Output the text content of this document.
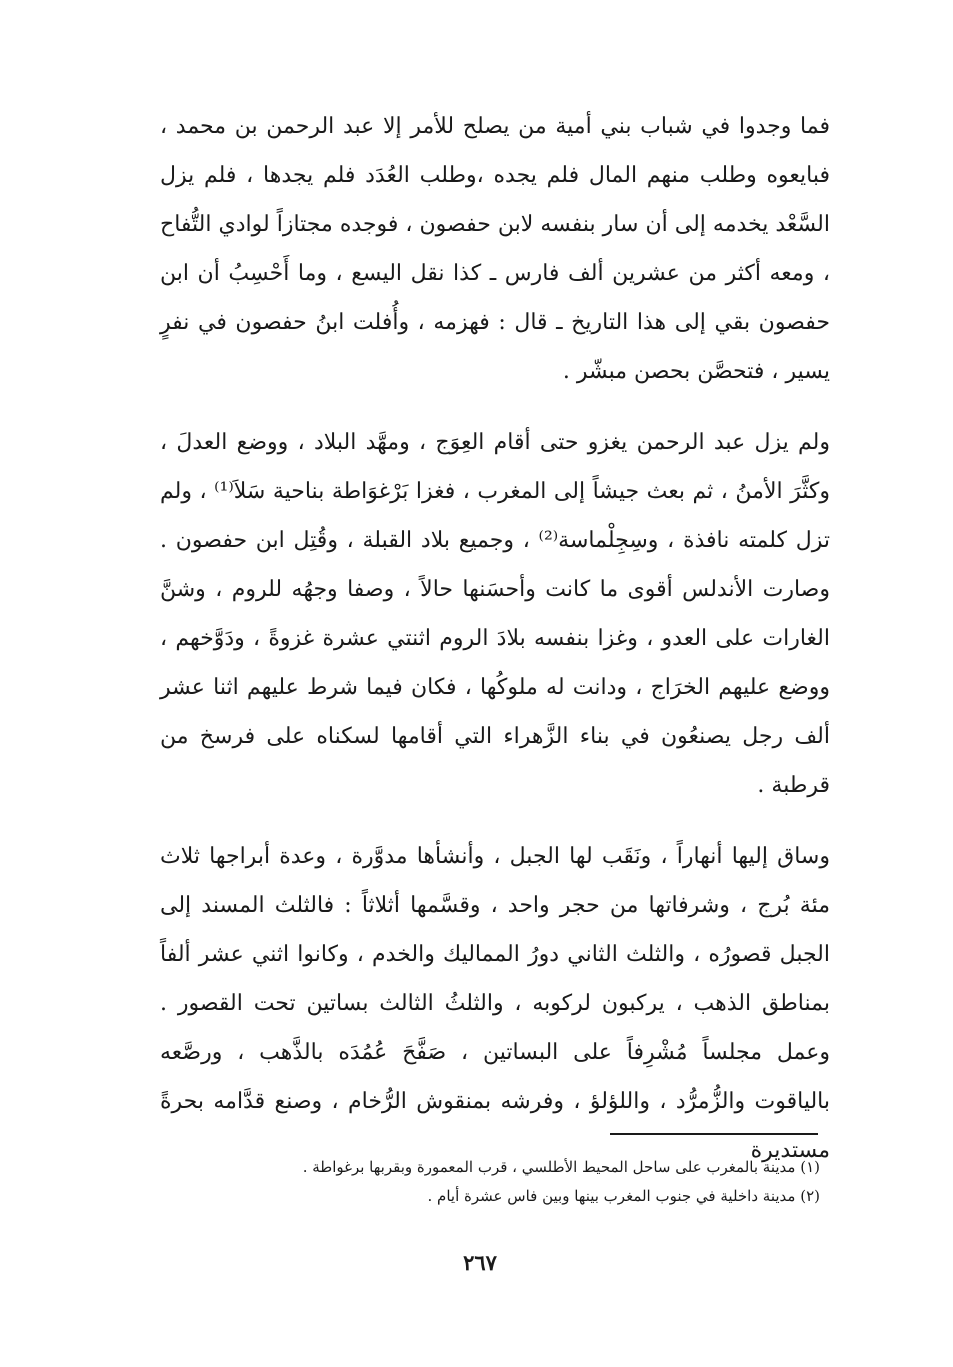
فما وجدوا في شباب بني أمية من يصلح للأمر إلا عبد الرحمن بن محمد ، فبايعوه وطلب منهم المال فلم يجده ،وطلب العُدَد فلم يجدها ، فلم يزل السَّعْد يخدمه إلى أن سار بنفسه لابن حفصون ، فوجده مجتازاً لوادي التُّفاح ، ومعه أكثر من عشرين ألف فارس ـ كذا نقل اليسع ، وما أَحْسِبُ أن ابن حفصون بقي إلى هذا التاريخ ـ قال : فهزمه ، وأُفلت ابنُ حفصون في نفرٍ يسير ، فتحصَّن بحصن مبشّر .

ولم يزل عبد الرحمن يغزو حتى أقام العِوَج ، ومهَّد البلاد ، ووضع العدلَ ، وكثَّرَ الأمنُ ، ثم بعث جيشاً إلى المغرب ، فغزا بَرْغوَاطة بناحية سَلاَ⁽¹⁾ ، ولم تزل كلمته نافذة ، وسِجِلْماسة⁽²⁾ ، وجميع بلاد القبلة ، وقُتِل ابن حفصون . وصارت الأندلس أقوى ما كانت وأحسَنها حالاً ، وصفا وجهُه للروم ، وشنَّ الغارات على العدو ، وغزا بنفسه بلادَ الروم اثنتي عشرة غزوةً ، ودَوَّخهم ، ووضع عليهم الخرَاج ، ودانت له ملوكُها ، فكان فيما شرط عليهم اثنا عشر ألف رجل يصنعُون في بناء الزَّهراء التي أقامها لسكناه على فرسخ من قرطبة .

وساق إليها أنهاراً ، ونَقَب لها الجبل ، وأنشأها مدوَّرة ، وعدة أبراجها ثلاث مئة بُرج ، وشرفاتها من حجر واحد ، وقسَّمها أثلاثاً : فالثلث المسند إلى الجبل قصورُه ، والثلث الثاني دورُ المماليك والخدم ، وكانوا اثني عشر ألفاً بمناطق الذهب ، يركبون لركوبه ، والثلثُ الثالث بساتين تحت القصور . وعمل مجلساً مُشْرِفاً على البساتين ، صَفَّحَ عُمُدَه بالذَّهب ، ورصَّعه بالياقوت والزُّمرُّد ، واللؤلؤ ، وفرشه بمنقوش الرُّخام ، وصنع قدَّامه بحرةً مستديرة

(١) مدينة بالمغرب على ساحل المحيط الأطلسي ، قرب المعمورة وبقربها برغواطة .

(٢) مدينة داخلية في جنوب المغرب بينها وبين فاس عشرة أيام .

٢٦٧
